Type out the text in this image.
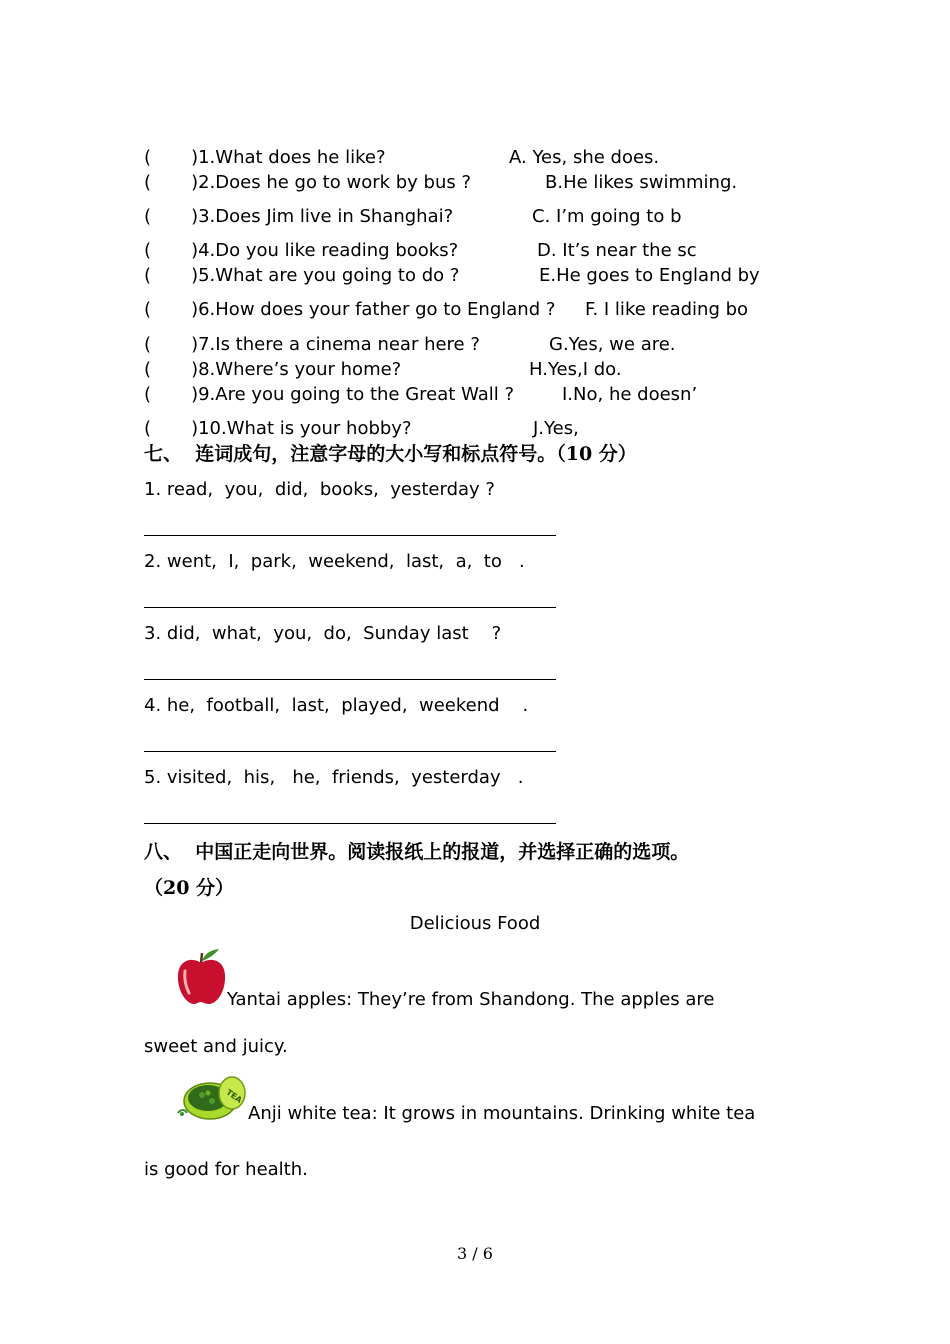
(       )1.What does he like?	A. Yes, she does.
(       )2.Does he go to work by bus ?	B.He likes swimming.
(       )3.Does Jim live in Shanghai?	C. I’m going to b
(       )4.Do you like reading books?	D. It’s near the sc
(       )5.What are you going to do ?	E.He goes to England by
(       )6.How does your father go to England ? F. I like reading bo
(       )7.Is there a cinema near here ?	G.Yes, we are.
(       )8.Where’s your home?	H.Yes,I do.
(       )9.Are you going to the Great Wall ?	I.No, he doesn’
(       )10.What is your hobby?	J.Yes,
七、  连词成句，注意字母的大小写和标点符号。（10 分）
1. read,  you,  did,  books,  yesterday ?
2. went,  I,  park,  weekend,  last,  a,  to   .
3. did,  what,  you,  do,  Sunday last    ?
4. he,  football,  last,  played,  weekend    .
5. visited,  his,   he,  friends,  yesterday   .
八、  中国正走向世界。阅读报纸上的报道，并选择正确的选项。
（20 分）
Delicious Food
Yantai apples: They’re from Shandong. The apples are
sweet and juicy.
TEA
Anji white tea: It grows in mountains. Drinking white tea
is good for health.
3 / 6
